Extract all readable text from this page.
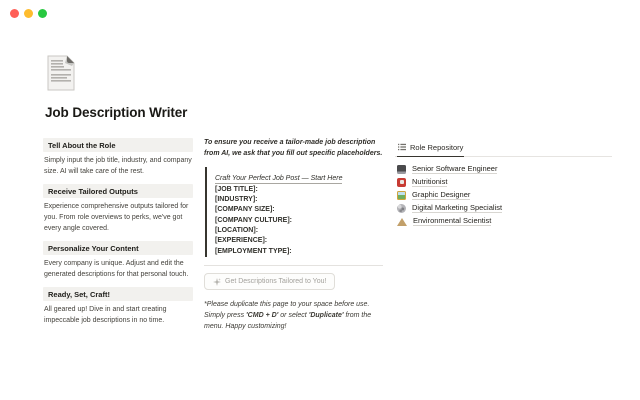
Job Description Writer
Tell About the Role
Simply input the job title, industry, and company size. AI will take care of the rest.
Receive Tailored Outputs
Experience comprehensive outputs tailored for you. From role overviews to perks, we've got every angle covered.
Personalize Your Content
Every company is unique. Adjust and edit the generated descriptions for that personal touch.
Ready, Set, Craft!
All geared up! Dive in and start creating impeccable job descriptions in no time.
To ensure you receive a tailor-made job description from AI, we ask that you fill out specific placeholders.
Craft Your Perfect Job Post — Start Here
[JOB TITLE]:
[INDUSTRY]:
[COMPANY SIZE]:
[COMPANY CULTURE]:
[LOCATION]:
[EXPERIENCE]:
[EMPLOYMENT TYPE]:
Get Descriptions Tailored to You!
*Please duplicate this page to your space before use. Simply press 'CMD + D' or select 'Duplicate' from the menu. Happy customizing!
Role Repository
Senior Software Engineer
Nutritionist
Graphic Designer
Digital Marketing Specialist
Environmental Scientist
